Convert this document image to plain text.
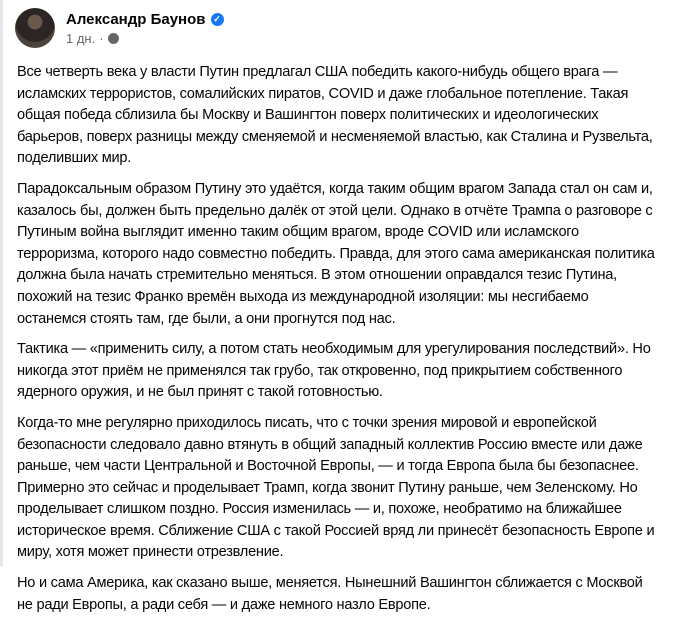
Александр Баунов ✓
1 дн. ·
Все четверть века у власти Путин предлагал США победить какого-нибудь общего врага —
исламских террористов, сомалийских пиратов, COVID и даже глобальное потепление. Такая
общая победа сблизила бы Москву и Вашингтон поверх политических и идеологических
барьеров, поверх разницы между сменяемой и несменяемой властью, как Сталина и Рузвельта,
поделивших мир.
Парадоксальным образом Путину это удаётся, когда таким общим врагом Запада стал он сам и,
казалось бы, должен быть предельно далёк от этой цели. Однако в отчёте Трампа о разговоре с
Путиным война выглядит именно таким общим врагом, вроде COVID или исламского
терроризма, которого надо совместно победить. Правда, для этого сама американская политика
должна была начать стремительно меняться. В этом отношении оправдался тезис Путина,
похожий на тезис Франко времён выхода из международной изоляции: мы несгибаемо
останемся стоять там, где были, а они прогнутся под нас.
Тактика — «применить силу, а потом стать необходимым для урегулирования последствий». Но
никогда этот приём не применялся так грубо, так откровенно, под прикрытием собственного
ядерного оружия, и не был принят с такой готовностью.
Когда-то мне регулярно приходилось писать, что с точки зрения мировой и европейской
безопасности следовало давно втянуть в общий западный коллектив Россию вместе или даже
раньше, чем части Центральной и Восточной Европы, — и тогда Европа была бы безопаснее.
Примерно это сейчас и проделывает Трамп, когда звонит Путину раньше, чем Зеленскому. Но
проделывает слишком поздно. Россия изменилась — и, похоже, необратимо на ближайшее
историческое время. Сближение США с такой Россией вряд ли принесёт безопасность Европе и
миру, хотя может принести отрезвление.
Но и сама Америка, как сказано выше, меняется. Нынешний Вашингтон сближается с Москвой
не ради Европы, а ради себя — и даже немного назло Европе.
